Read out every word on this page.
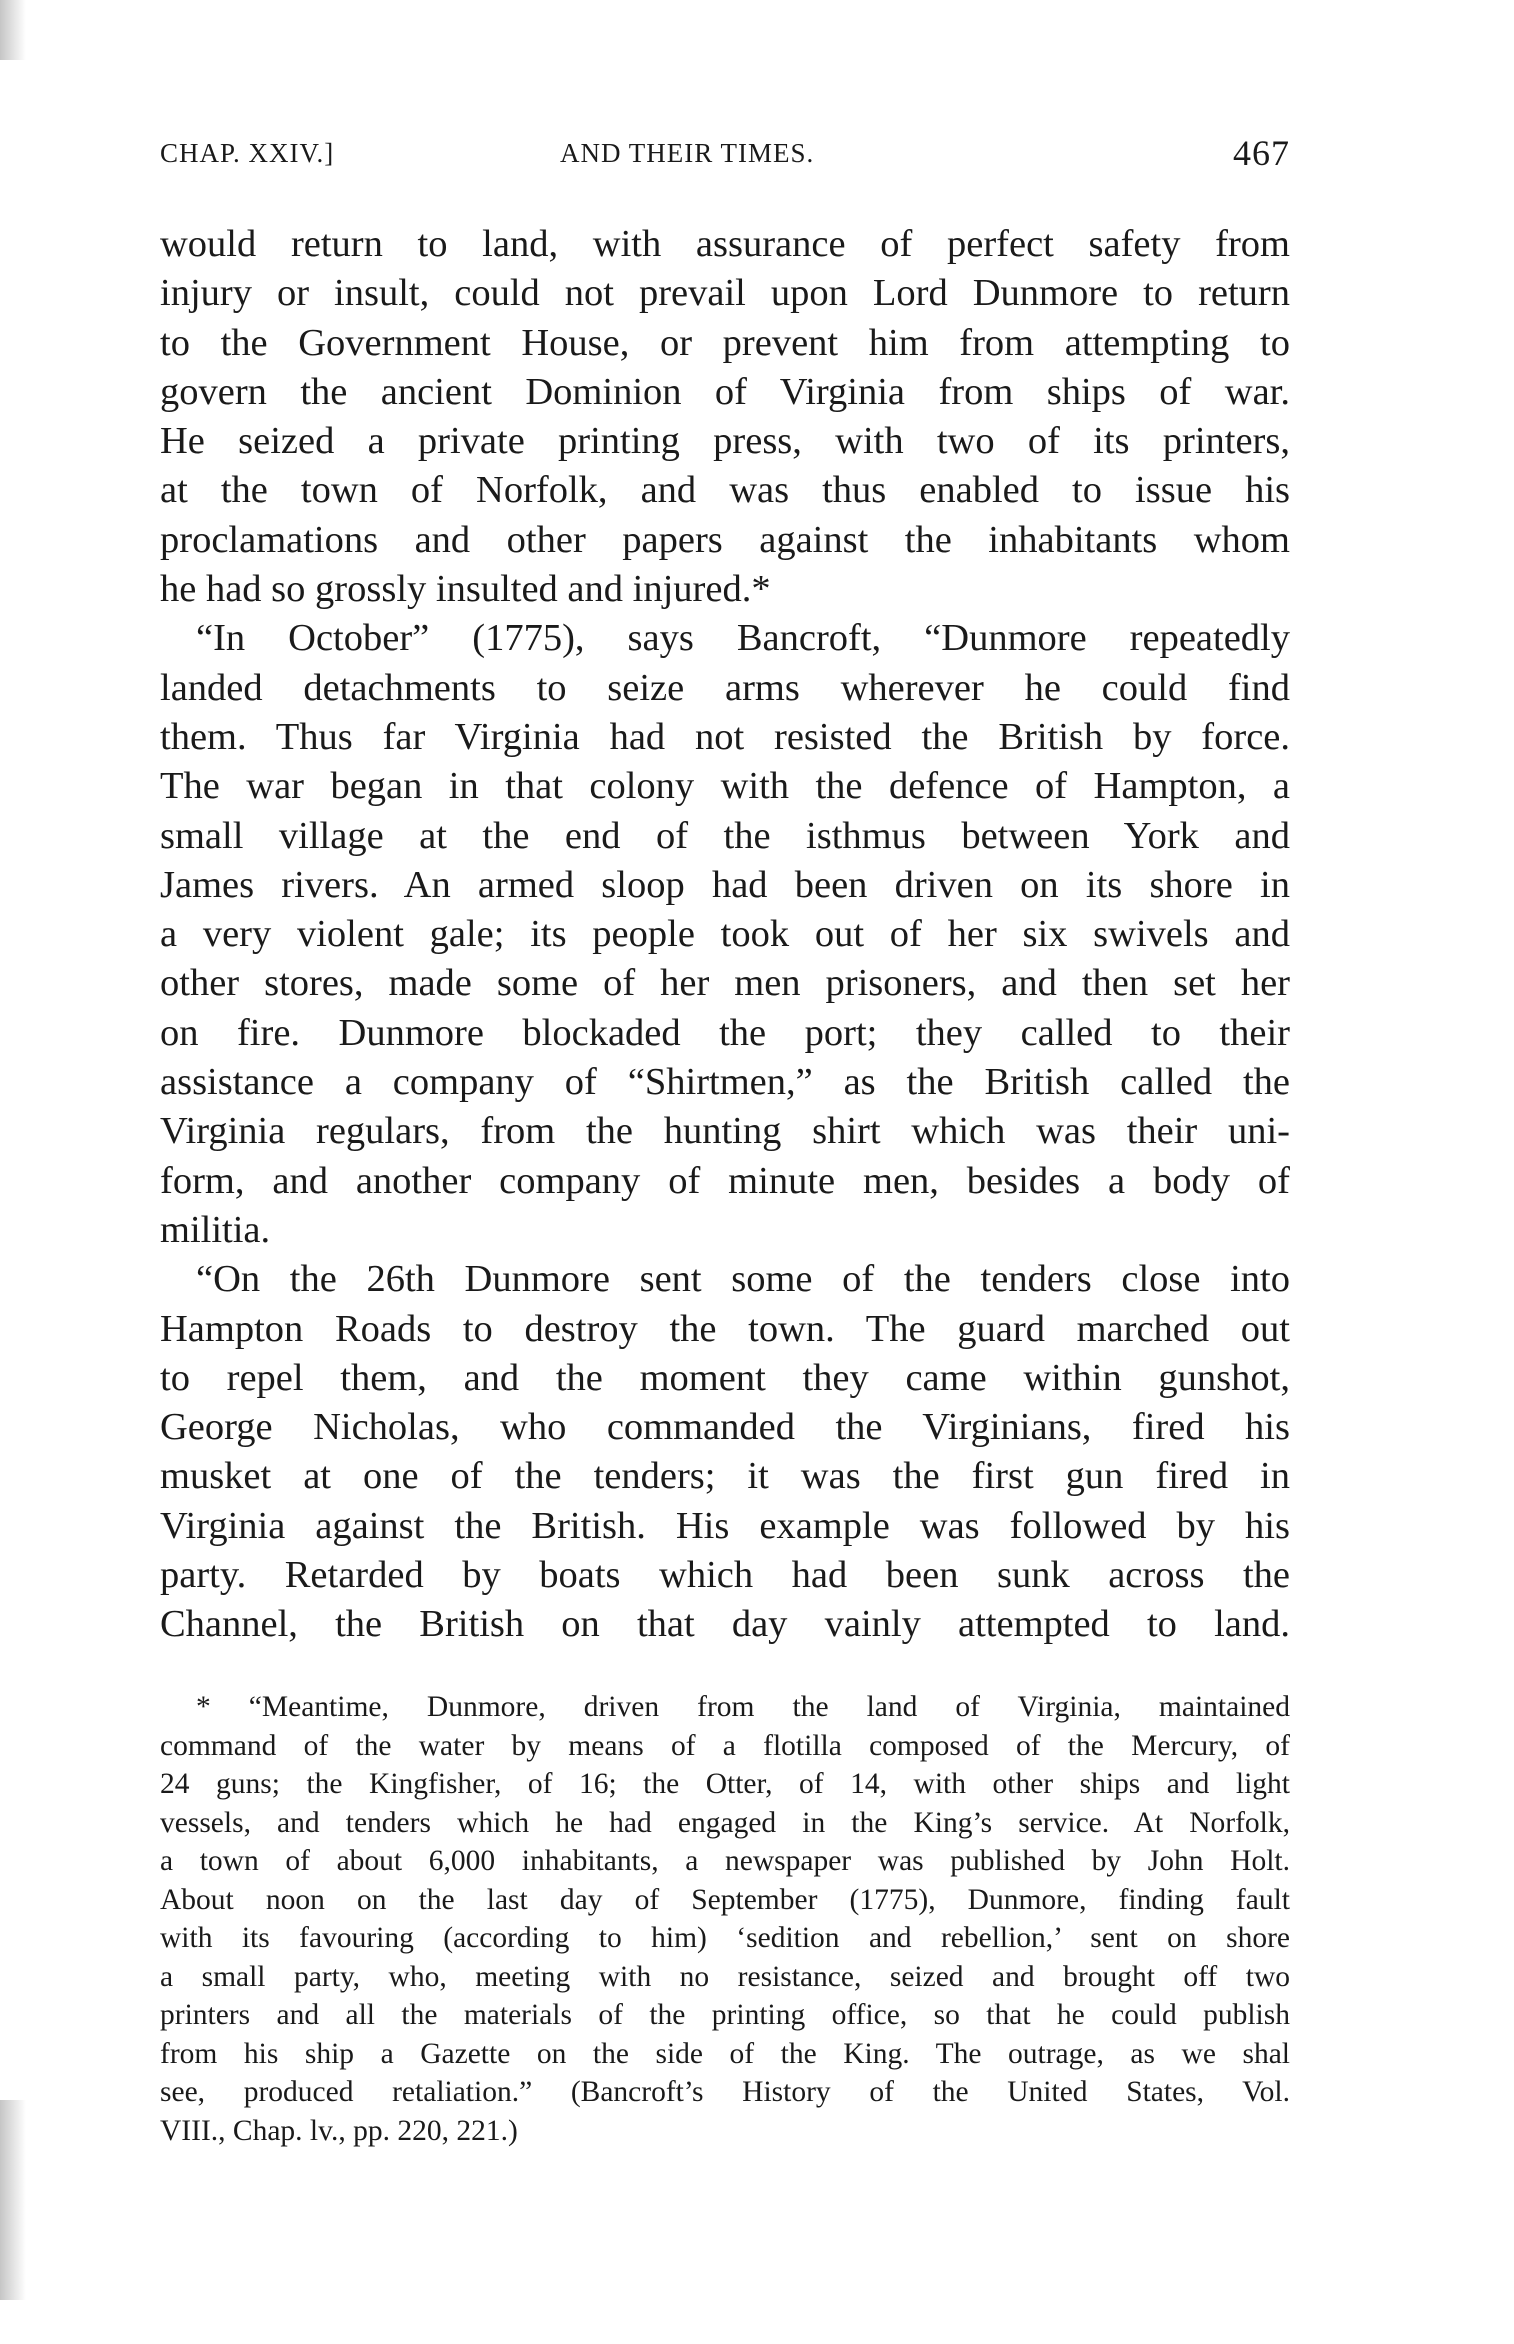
CHAP. XXIV.]	AND THEIR TIMES.	467
would return to land, with assurance of perfect safety from
injury or insult, could not prevail upon Lord Dunmore to return
to the Government House, or prevent him from attempting to
govern the ancient Dominion of Virginia from ships of war.
He seized a private printing press, with two of its printers,
at the town of Norfolk, and was thus enabled to issue his
proclamations and other papers against the inhabitants whom
he had so grossly insulted and injured.*
“In October” (1775), says Bancroft, “Dunmore repeatedly
landed detachments to seize arms wherever he could find
them. Thus far Virginia had not resisted the British by force.
The war began in that colony with the defence of Hampton, a
small village at the end of the isthmus between York and
James rivers. An armed sloop had been driven on its shore in
a very violent gale; its people took out of her six swivels and
other stores, made some of her men prisoners, and then set her
on fire. Dunmore blockaded the port; they called to their
assistance a company of “Shirtmen,” as the British called the
Virginia regulars, from the hunting shirt which was their uni-
form, and another company of minute men, besides a body of
militia.
“On the 26th Dunmore sent some of the tenders close into
Hampton Roads to destroy the town. The guard marched out
to repel them, and the moment they came within gunshot,
George Nicholas, who commanded the Virginians, fired his
musket at one of the tenders; it was the first gun fired in
Virginia against the British. His example was followed by his
party. Retarded by boats which had been sunk across the
Channel, the British on that day vainly attempted to land.
* “Meantime, Dunmore, driven from the land of Virginia, maintained
command of the water by means of a flotilla composed of the Mercury, of
24 guns; the Kingfisher, of 16; the Otter, of 14, with other ships and light
vessels, and tenders which he had engaged in the King’s service. At Norfolk,
a town of about 6,000 inhabitants, a newspaper was published by John Holt.
About noon on the last day of September (1775), Dunmore, finding fault
with its favouring (according to him) ‘sedition and rebellion,’ sent on shore
a small party, who, meeting with no resistance, seized and brought off two
printers and all the materials of the printing office, so that he could publish
from his ship a Gazette on the side of the King. The outrage, as we shal
see, produced retaliation.” (Bancroft’s History of the United States, Vol.
VIII., Chap. lv., pp. 220, 221.)
